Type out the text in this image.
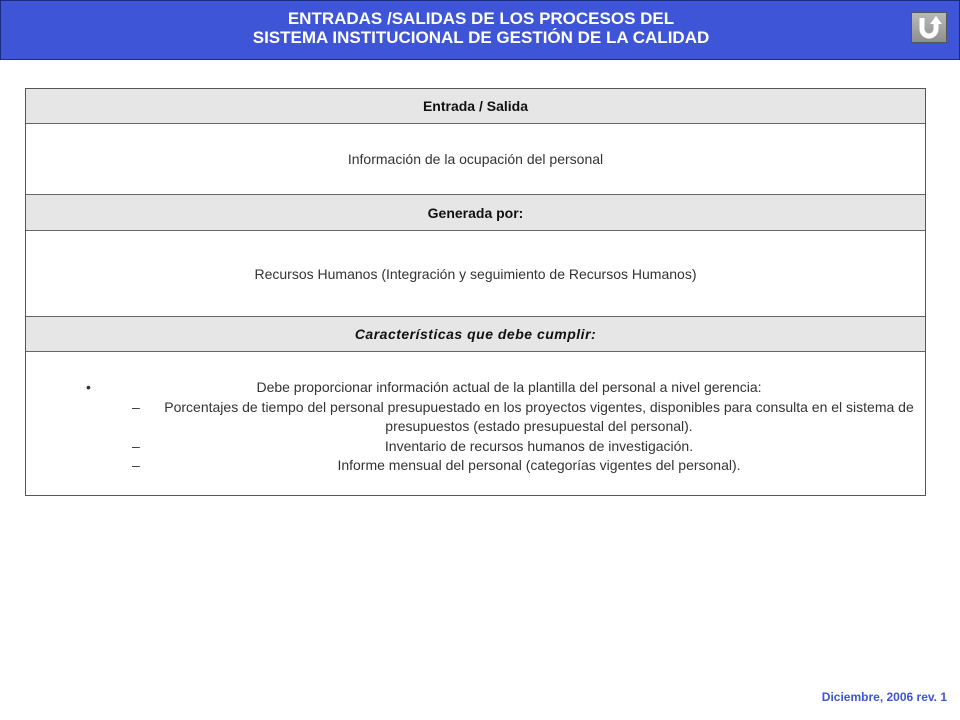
ENTRADAS /SALIDAS DE LOS PROCESOS DEL
SISTEMA INSTITUCIONAL DE GESTIÓN DE LA CALIDAD
Entrada / Salida
Información de la ocupación del personal
Generada por:
Recursos Humanos (Integración y seguimiento de Recursos Humanos)
Características que debe cumplir:
• Debe proporcionar información actual de la plantilla del personal a nivel gerencia:
– Porcentajes de tiempo del personal presupuestado en los proyectos vigentes, disponibles para consulta en el sistema de presupuestos (estado presupuestal del personal).
– Inventario de recursos humanos de investigación.
– Informe mensual del personal (categorías vigentes del personal).
Diciembre, 2006 rev. 1
